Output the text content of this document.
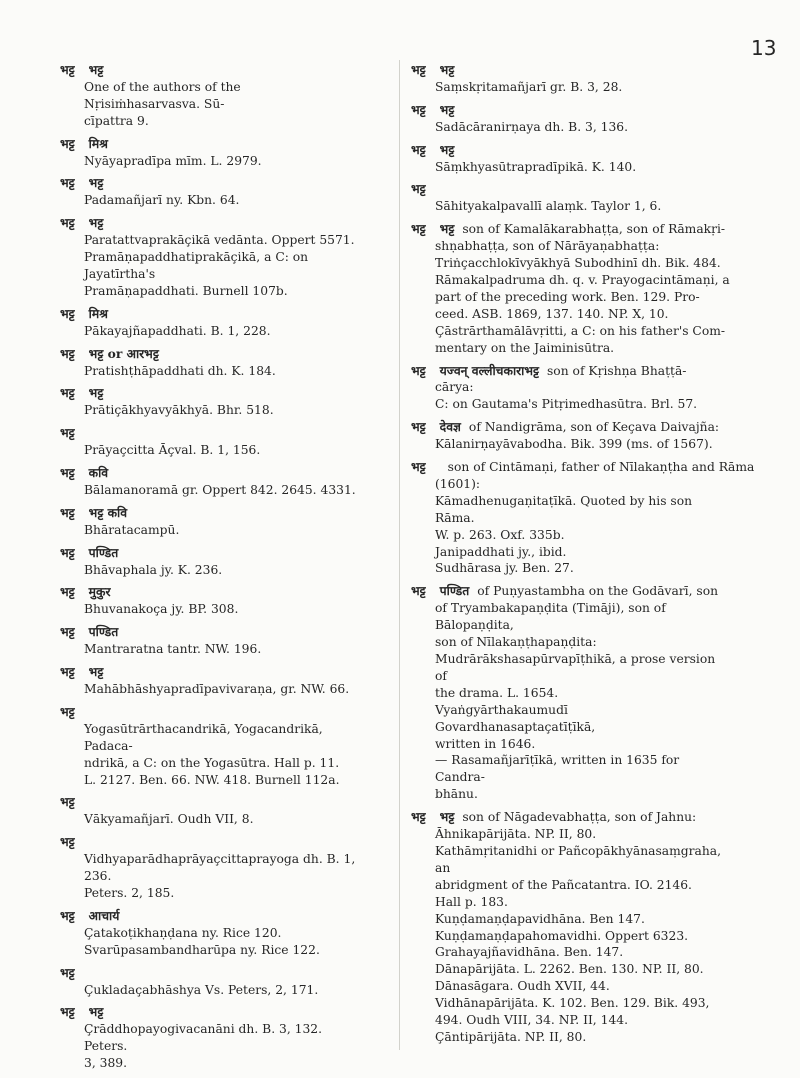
13
भट्ट भट्ट
One of the authors of the Nṛisiṁhasarvasva. Sū-
cīpattra 9.
भट्ट मिश्र
Nyāyapradīpa mīm. L. 2979.
भट्ट भट्ट
Padamañjarī ny. Kbn. 64.
भट्ट भट्ट
Paratattvaprakāçikā vedānta. Oppert 5571.
Pramāṇapaddhatiprakāçikā, a C: on Jayatīrtha's
Pramāṇapaddhati. Burnell 107b.
भट्ट मिश्र
Pākayajñapaddhati. B. 1, 228.
भट्ट भट्ट or आरभट्ट
Pratishṭhāpaddhati dh. K. 184.
भट्ट भट्ट
Prātiçākhyavyākhyā. Bhr. 518.
भट्ट
Prāyaçcitta Āçval. B. 1, 156.
भट्ट कवि
Bālamanoramā gr. Oppert 842. 2645. 4331.
भट्ट भट्ट कवि
Bhāratacampū.
भट्ट पण्डित
Bhāvaphala jy. K. 236.
भट्ट मुकुर
Bhuvanakoça jy. BP. 308.
भट्ट पण्डित
Mantraratna tantr. NW. 196.
भट्ट भट्ट
Mahābhāshyapradīpavivaraṇa, gr. NW. 66.
भट्ट
Yogasūtrārthacandrikā, Yogacandrikā, Padaca-
ndrikā, a C: on the Yogasūtra. Hall p. 11.
L. 2127. Ben. 66. NW. 418. Burnell 112a.
भट्ट
Vākyamañjarī. Oudh VII, 8.
भट्ट
Vidhyaparādhaprāyaçcittaprayoga dh. B. 1, 236.
Peters. 2, 185.
भट्ट आचार्य
Çatakoṭikhaṇḍana ny. Rice 120.
Svarūpasambandharūpa ny. Rice 122.
भट्ट
Çukladaçabhāshya Vs. Peters, 2, 171.
भट्ट भट्ट
Çrāddhopayogivacanāni dh. B. 3, 132. Peters.
3, 389.
भट्ट भट्ट
Saṃskṛitamañjarī gr. B. 3, 28.
भट्ट भट्ट
Sadācāranirṇaya dh. B. 3, 136.
भट्ट भट्ट
Sāṃkhyasūtrapradīpikā. K. 140.
भट्ट
Sāhityakalpavallī alaṃk. Taylor 1, 6.
भट्ट भट्ट son of Kamalākarabhaṭṭa, son of Rāmakṛi-
shṇabhaṭṭa, son of Nārāyaṇabhaṭṭa:
Triṅçacchlokīvyākhyā Subodhinī dh. Bik. 484.
Rāmakalpadruma dh. q. v. Prayogacintāmaṇi, a
part of the preceding work. Ben. 129. Pro-
ceed. ASB. 1869, 137. 140. NP. X, 10.
Çāstrārthamālāvṛitti, a C: on his father's Com-
mentary on the Jaiminisūtra.
भट्ट यज्वन् वल्लीचकाराभट्ट son of Kṛishṇa Bhaṭṭā-
cārya:
C: on Gautama's Pitṛimedhasūtra. Brl. 57.
भट्ट देवज्ञ of Nandigrāma, son of Keçava Daivajña:
Kālanirṇayāvabodha. Bik. 399 (ms. of 1567).
भट्ट son of Cintāmaṇi, father of Nīlakaṇṭha and Rāma
(1601):
Kāmadhenugaṇitaṭīkā. Quoted by his son Rāma.
W. p. 263. Oxf. 335b.
Janipaddhati jy., ibid.
Sudhārasa jy. Ben. 27.
भट्ट पण्डित of Puṇyastambha on the Godāvarī, son
of Tryambakapaṇḍita (Timāji), son of Bālopaṇḍita,
son of Nīlakaṇṭhapaṇḍita:
Mudrārākshasapūrvapīṭhikā, a prose version of
the drama. L. 1654.
Vyaṅgyārthakaumudī Govardhanasaptaçatīṭīkā,
written in 1646.
— Rasamañjarīṭīkā, written in 1635 for Candra-
bhānu.
भट्ट भट्ट son of Nāgadevabhaṭṭa, son of Jahnu:
Āhnikapārijāta. NP. II, 80.
Kathāmṛitanidhi or Pañcopākhyānasaṃgraha, an
abridgment of the Pañcatantra. IO. 2146.
Hall p. 183.
Kuṇḍamaṇḍapavidhāna. Ben 147.
Kuṇḍamaṇḍapahomavidhi. Oppert 6323.
Grahayajñavidhāna. Ben. 147.
Dānapārijāta. L. 2262. Ben. 130. NP. II, 80.
Dānasāgara. Oudh XVII, 44.
Vidhānapārijāta. K. 102. Ben. 129. Bik. 493,
494. Oudh VIII, 34. NP. II, 144.
Çāntipārijāta. NP. II, 80.
